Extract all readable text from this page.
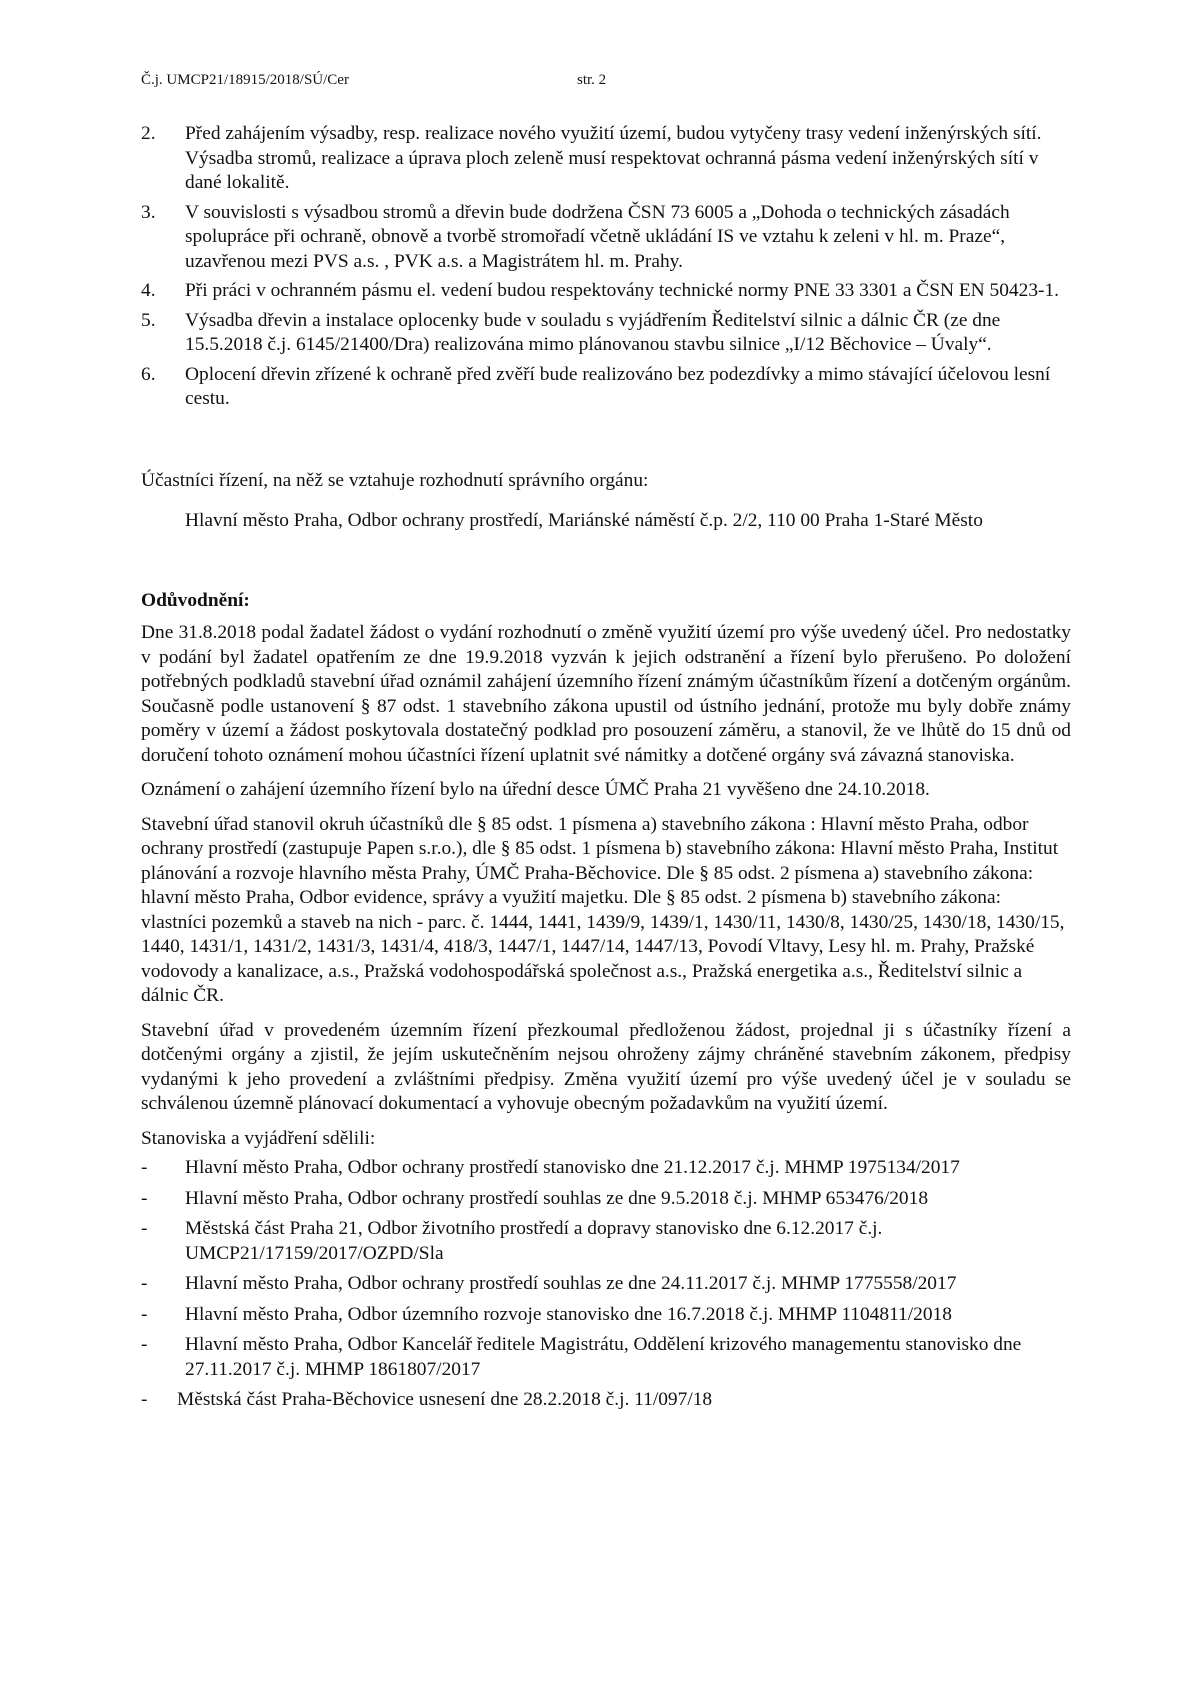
Č.j. UMCP21/18915/2018/SÚ/Cer	str. 2
2. Před zahájením výsadby, resp. realizace nového využití území, budou vytyčeny trasy vedení inženýrských sítí. Výsadba stromů, realizace a úprava ploch zeleně musí respektovat ochranná pásma vedení inženýrských sítí v dané lokalitě.
3. V souvislosti s výsadbou stromů a dřevin bude dodržena ČSN 73 6005 a „Dohoda o technických zásadách spolupráce při ochraně, obnově a tvorbě stromořadí včetně ukládání IS ve vztahu k zeleni v hl. m. Praze“, uzavřenou mezi PVS a.s. , PVK a.s. a Magistrátem hl. m. Prahy.
4. Při práci v ochranném pásmu el. vedení budou respektovány technické normy PNE 33 3301 a ČSN EN 50423-1.
5. Výsadba dřevin a instalace oplocenky bude v souladu s vyjádřením Ředitelství silnic a dálnic ČR (ze dne 15.5.2018 č.j. 6145/21400/Dra) realizována mimo plánovanou stavbu silnice „I/12 Běchovice – Úvaly“.
6. Oplocení dřevin zřízené k ochraně před zvěří bude realizováno bez podezdívky a mimo stávající účelovou lesní cestu.

Účastníci řízení, na něž se vztahuje rozhodnutí správního orgánu:

Hlavní město Praha, Odbor ochrany prostředí, Mariánské náměstí č.p. 2/2, 110 00 Praha 1-Staré Město

Odůvodnění:

Dne 31.8.2018 podal žadatel žádost o vydání rozhodnutí o změně využití území pro výše uvedený účel. Pro nedostatky v podání byl žadatel opatřením ze dne 19.9.2018 vyzván k jejich odstranění a řízení bylo přerušeno. Po doložení potřebných podkladů stavební úřad oznámil zahájení územního řízení známým účastníkům řízení a dotčeným orgánům. Současně podle ustanovení § 87 odst. 1 stavebního zákona upustil od ústního jednání, protože mu byly dobře známy poměry v území a žádost poskytovala dostatečný podklad pro posouzení záměru, a stanovil, že ve lhůtě do 15 dnů od doručení tohoto oznámení mohou účastníci řízení uplatnit své námitky a dotčené orgány svá závazná stanoviska.

Oznámení o zahájení územního řízení bylo na úřední desce ÚMČ Praha 21 vyvěšeno dne 24.10.2018.

Stavební úřad stanovil okruh účastníků dle § 85 odst. 1 písmena a) stavebního zákona : Hlavní město Praha, odbor ochrany prostředí (zastupuje Papen s.r.o.), dle § 85 odst. 1 písmena b) stavebního zákona: Hlavní město Praha, Institut plánování a rozvoje hlavního města Prahy, ÚMČ Praha-Běchovice. Dle § 85 odst. 2 písmena a) stavebního zákona: hlavní město Praha, Odbor evidence, správy a využití majetku. Dle § 85 odst. 2 písmena b) stavebního zákona: vlastníci pozemků a staveb na nich - parc. č. 1444, 1441, 1439/9, 1439/1, 1430/11, 1430/8, 1430/25, 1430/18, 1430/15, 1440, 1431/1, 1431/2, 1431/3, 1431/4, 418/3, 1447/1, 1447/14, 1447/13, Povodí Vltavy, Lesy hl. m. Prahy, Pražské vodovody a kanalizace, a.s., Pražská vodohospodářská společnost a.s., Pražská energetika a.s., Ředitelství silnic a dálnic ČR.

Stavební úřad v provedeném územním řízení přezkoumal předloženou žádost, projednal ji s účastníky řízení a dotčenými orgány a zjistil, že jejím uskutečněním nejsou ohroženy zájmy chráněné stavebním zákonem, předpisy vydanými k jeho provedení a zvláštními předpisy. Změna využití území pro výše uvedený účel je v souladu se schválenou územně plánovací dokumentací a vyhovuje obecným požadavkům na využití území.

Stanoviska a vyjádření sdělili:

- Hlavní město Praha, Odbor ochrany prostředí stanovisko dne 21.12.2017 č.j. MHMP 1975134/2017
- Hlavní město Praha, Odbor ochrany prostředí souhlas ze dne 9.5.2018 č.j. MHMP 653476/2018
- Městská část Praha 21, Odbor životního prostředí a dopravy stanovisko dne 6.12.2017 č.j. UMCP21/17159/2017/OZPD/Sla
- Hlavní město Praha, Odbor ochrany prostředí souhlas ze dne 24.11.2017 č.j. MHMP 1775558/2017
- Hlavní město Praha, Odbor územního rozvoje stanovisko dne 16.7.2018 č.j. MHMP 1104811/2018
- Hlavní město Praha, Odbor Kancelář ředitele Magistrátu, Oddělení krizového managementu stanovisko dne 27.11.2017 č.j. MHMP 1861807/2017
- Městská část Praha-Běchovice usnesení dne 28.2.2018 č.j. 11/097/18
